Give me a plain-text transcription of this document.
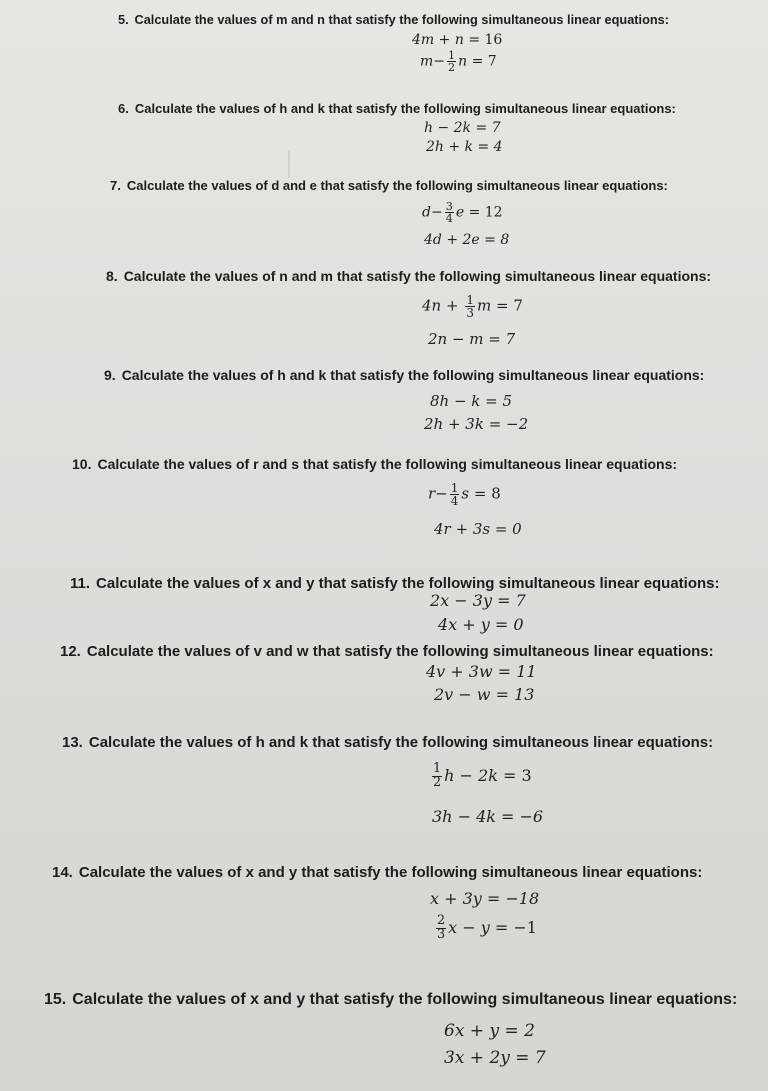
5. Calculate the values of m and n that satisfy the following simultaneous linear equations:
4m + n = 16
$m- \frac{1}{2}$ n = 7
6. Calculate the values of h and k that satisfy the following simultaneous linear equations:
h − 2k = 7
2h + k = 4
7. Calculate the values of d and e that satisfy the following simultaneous linear equations:
$d- \frac{3}{4}$ e = 12
4d + 2e = 8
8. Calculate the values of n and m that satisfy the following simultaneous linear equations:
$4n + \frac{1}{3}$ m = 7
2n − m = 7
9. Calculate the values of h and k that satisfy the following simultaneous linear equations:
8h − k = 5
2h + 3k = −2
10. Calculate the values of r and s that satisfy the following simultaneous linear equations:
$r- \frac{1}{4}$ s = 8
4r + 3s = 0
11. Calculate the values of x and y that satisfy the following simultaneous linear equations:
2x − 3y = 7
4x + y = 0
12. Calculate the values of v and w that satisfy the following simultaneous linear equations:
4v + 3w = 11
2v − w = 13
13. Calculate the values of h and k that satisfy the following simultaneous linear equations:
$\frac{1}{2}$ h − 2k = 3
3h − 4k = −6
14. Calculate the values of x and y that satisfy the following simultaneous linear equations:
x + 3y = −18
$\frac{2}{3}$ x − y = −1
15. Calculate the values of x and y that satisfy the following simultaneous linear equations:
6x + y = 2
3x + 2y = 7
